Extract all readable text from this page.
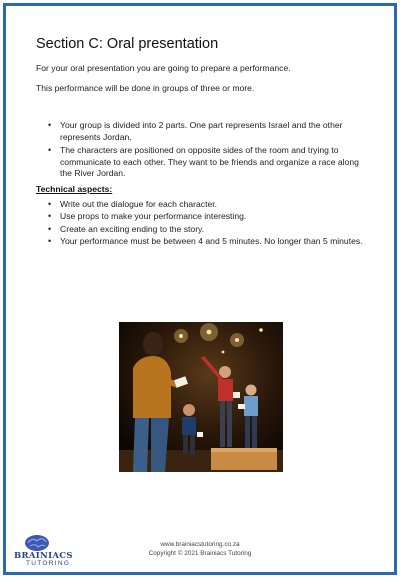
Section C: Oral presentation

For your oral presentation you are going to prepare a performance.

This performance will be done in groups of three or more.

• Your group is divided into 2 parts. One part represents Israel and the other represents Jordan.
• The characters are positioned on opposite sides of the room and trying to communicate to each other. They want to be friends and organize a race along the River Jordan.
Technical aspects:
• Write out the dialogue for each character.
• Use props to make your performance interesting.
• Create an exciting ending to the story.
• Your performance must be between 4 and 5 minutes. No longer than 5 minutes.
www.brainiacstutoring.co.za
Copyright © 2021 Brainiacs Tutoring
BRAINIACS
TUTORING
